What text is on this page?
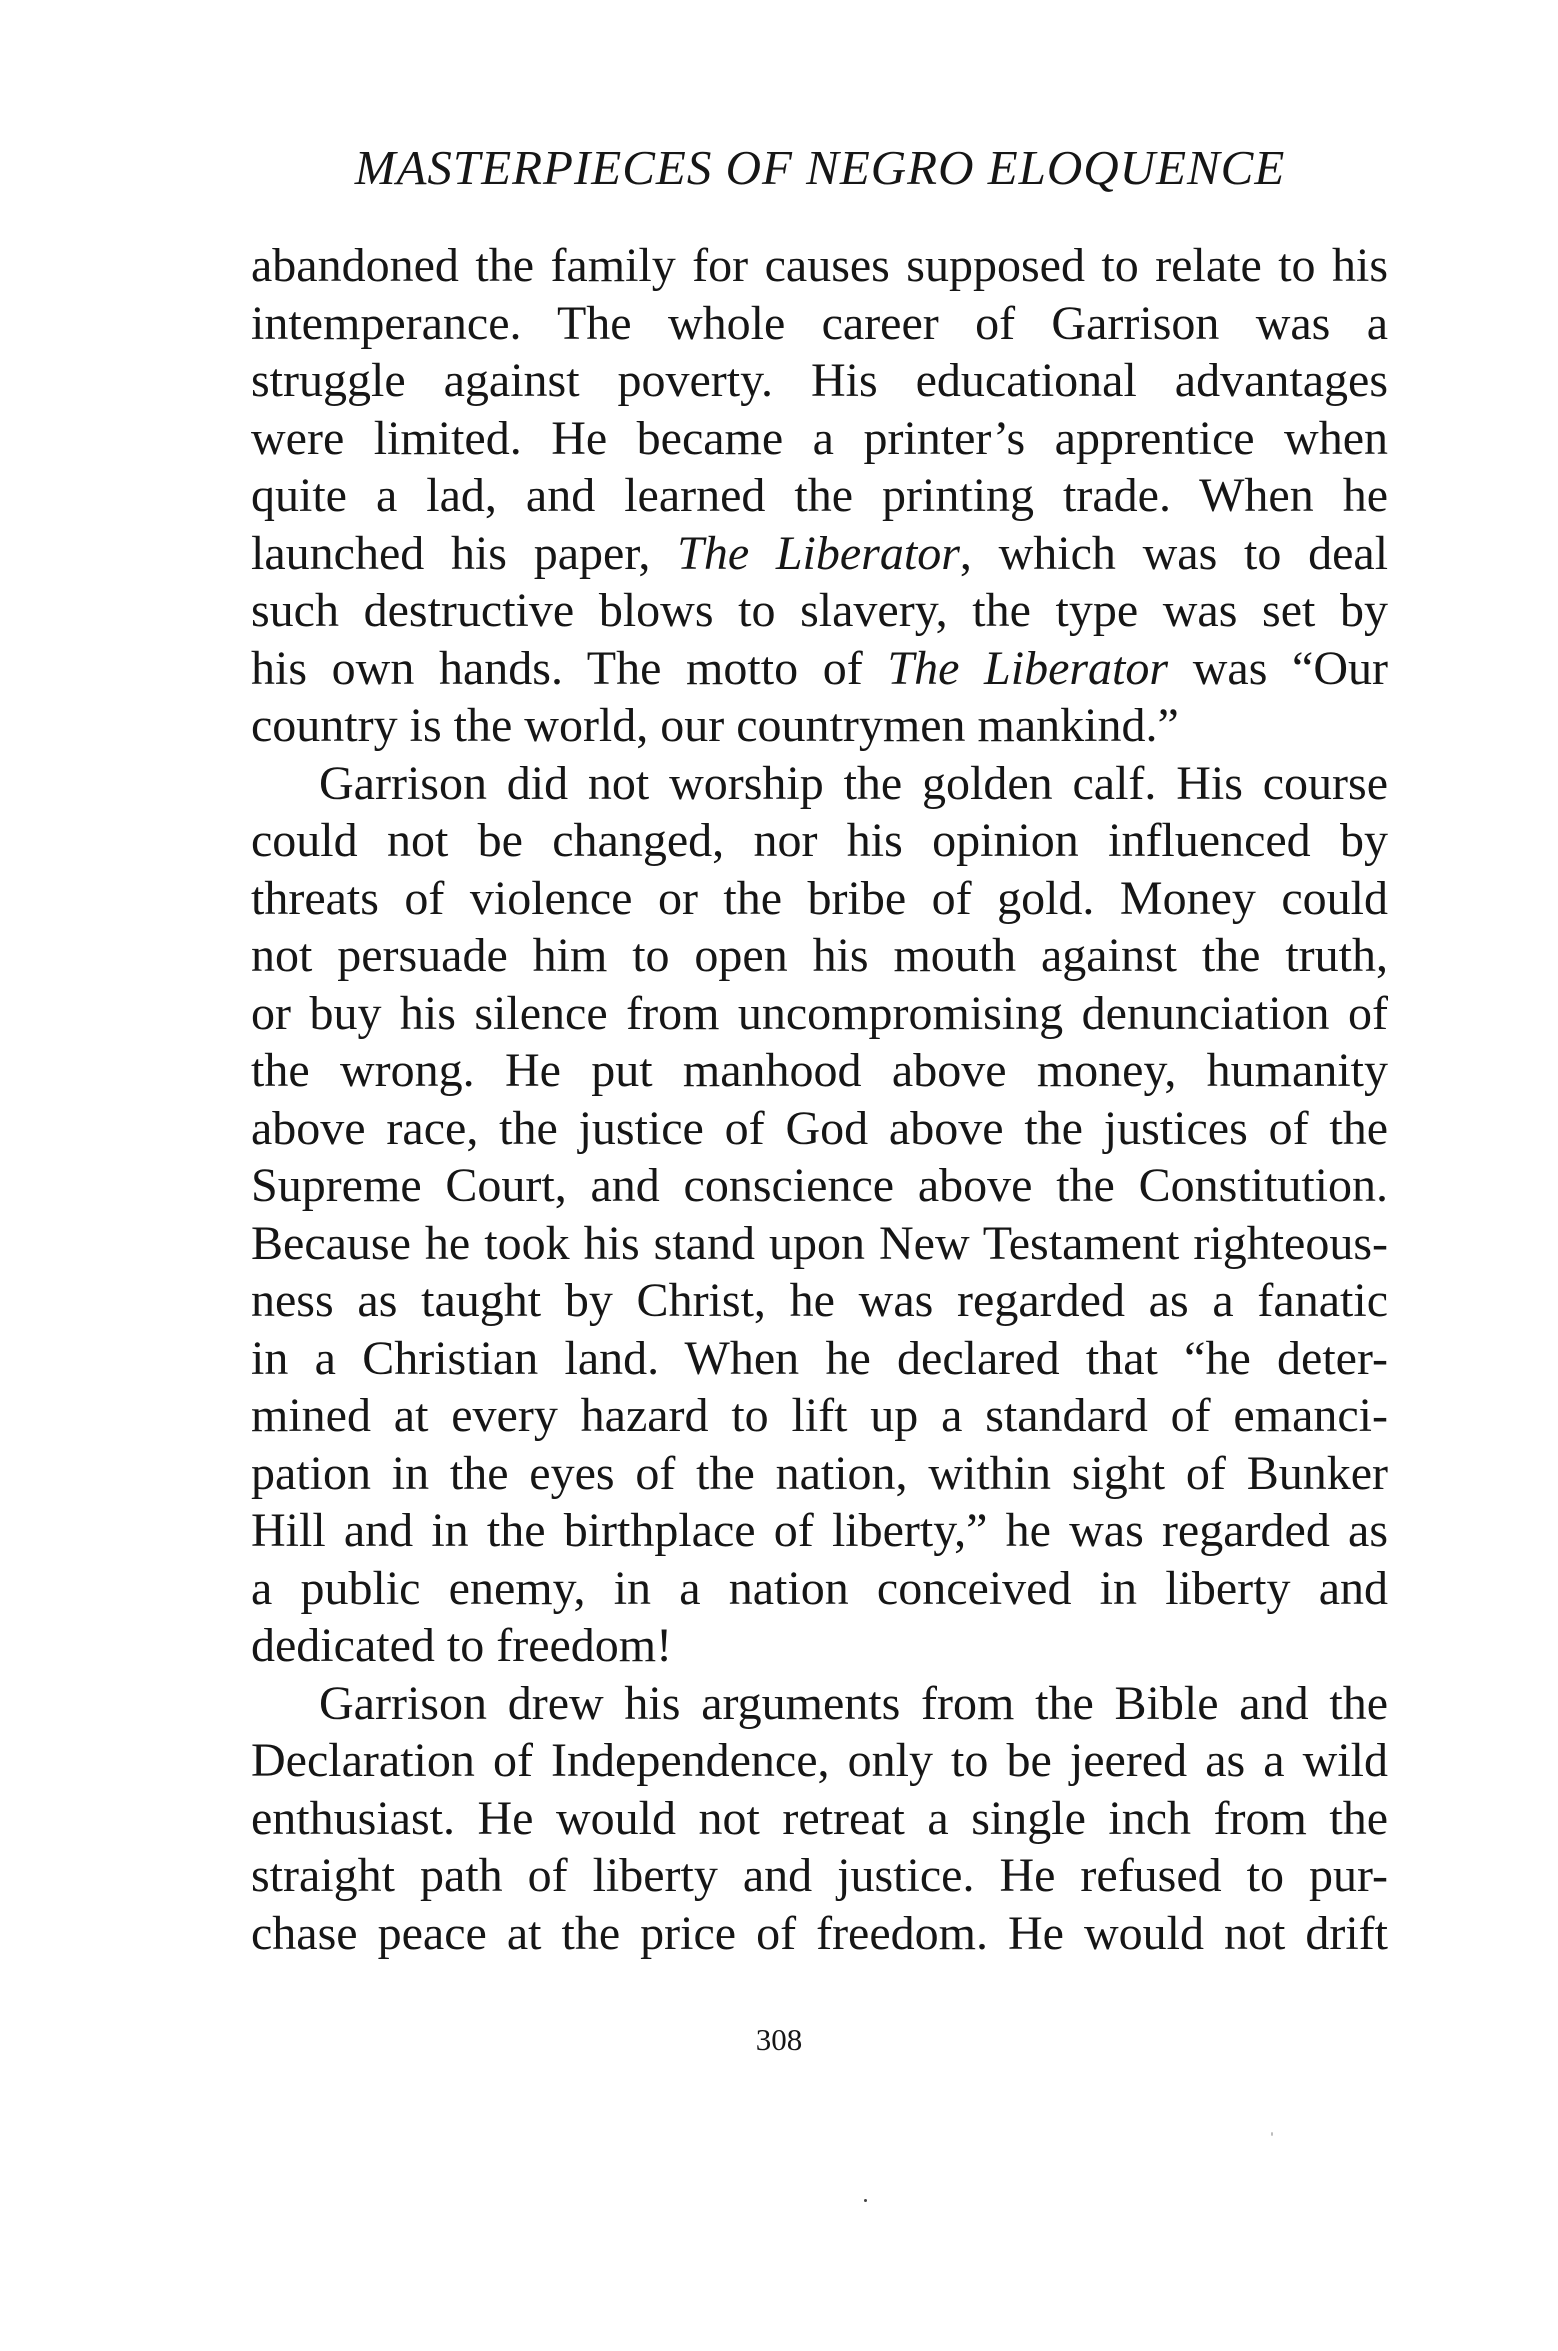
MASTERPIECES OF NEGRO ELOQUENCE
abandoned the family for causes supposed to relate to his
intemperance. The whole career of Garrison was a
struggle against poverty. His educational advantages
were limited. He became a printer’s apprentice when
quite a lad, and learned the printing trade. When he
launched his paper, The Liberator, which was to deal
such destructive blows to slavery, the type was set by
his own hands. The motto of The Liberator was “Our
country is the world, our countrymen mankind.”
Garrison did not worship the golden calf. His course
could not be changed, nor his opinion influenced by
threats of violence or the bribe of gold. Money could
not persuade him to open his mouth against the truth,
or buy his silence from uncompromising denunciation of
the wrong. He put manhood above money, humanity
above race, the justice of God above the justices of the
Supreme Court, and conscience above the Constitution.
Because he took his stand upon New Testament righteous-
ness as taught by Christ, he was regarded as a fanatic
in a Christian land. When he declared that “he deter-
mined at every hazard to lift up a standard of emanci-
pation in the eyes of the nation, within sight of Bunker
Hill and in the birthplace of liberty,” he was regarded as
a public enemy, in a nation conceived in liberty and
dedicated to freedom!
Garrison drew his arguments from the Bible and the
Declaration of Independence, only to be jeered as a wild
enthusiast. He would not retreat a single inch from the
straight path of liberty and justice. He refused to pur-
chase peace at the price of freedom. He would not drift
308
